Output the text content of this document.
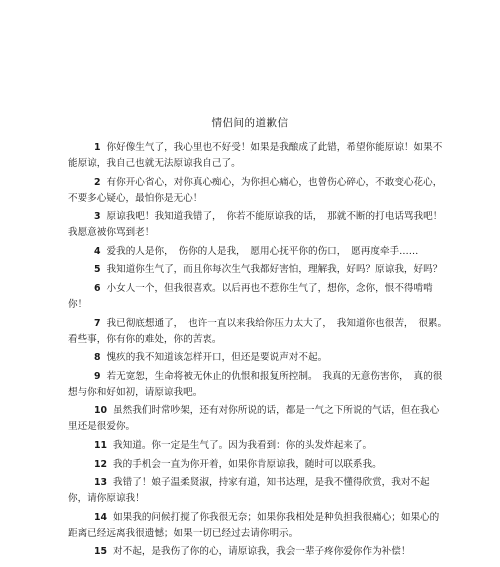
情侣间的道歉信

1 你好像生气了，我心里也不好受！如果是我酿成了此错，希望你能原谅！如果不能原谅，我自己也就无法原谅我自己了。

2 有你开心省心，对你真心痴心，为你担心痛心，也曾伤心碎心，不敢变心花心，不要多心疑心，最怕你是无心！

3 原谅我吧！我知道我错了，　你若不能原谅我的话，　那就不断的打电话骂我吧！我愿意被你骂到老！

4 爱我的人是你，　伤你的人是我，　愿用心抚平你的伤口，　愿再度牵手……

5 我知道你生气了，而且你每次生气我都好害怕，理解我，好吗？原谅我，好吗？

6 小女人一个，但我很喜欢。以后再也不惹你生气了，想你，念你，恨不得啃啃你！

7 我已彻底想通了，　也许一直以来我给你压力太大了，　我知道你也很苦，　很累。看些事，你有你的难处，你的苦衷。

8 愧疚的我不知道该怎样开口，但还是要说声对不起。

9 若无宽恕，生命将被无休止的仇恨和报复所控制。　我真的无意伤害你，　真的很想与你和好如初，请原谅我吧。

10 虽然我们时常吵架，还有对你所说的话，都是一气之下所说的气话，但在我心里还是很爱你。

11 我知道。你一定是生气了。因为我看到：你的头发炸起来了。

12 我的手机会一直为你开着，如果你肯原谅我，随时可以联系我。

13 我错了！娘子温柔贤淑，持家有道，知书达理，是我不懂得欣赏，我对不起你，请你原谅我！

14 如果我的问候打搅了你我很无奈；如果你我相处是种负担我很痛心；如果心的距离已经远离我很遗憾；如果一切已经过去请你明示。

15 对不起，是我伤了你的心，请原谅我，我会一辈子疼你爱你作为补偿！
